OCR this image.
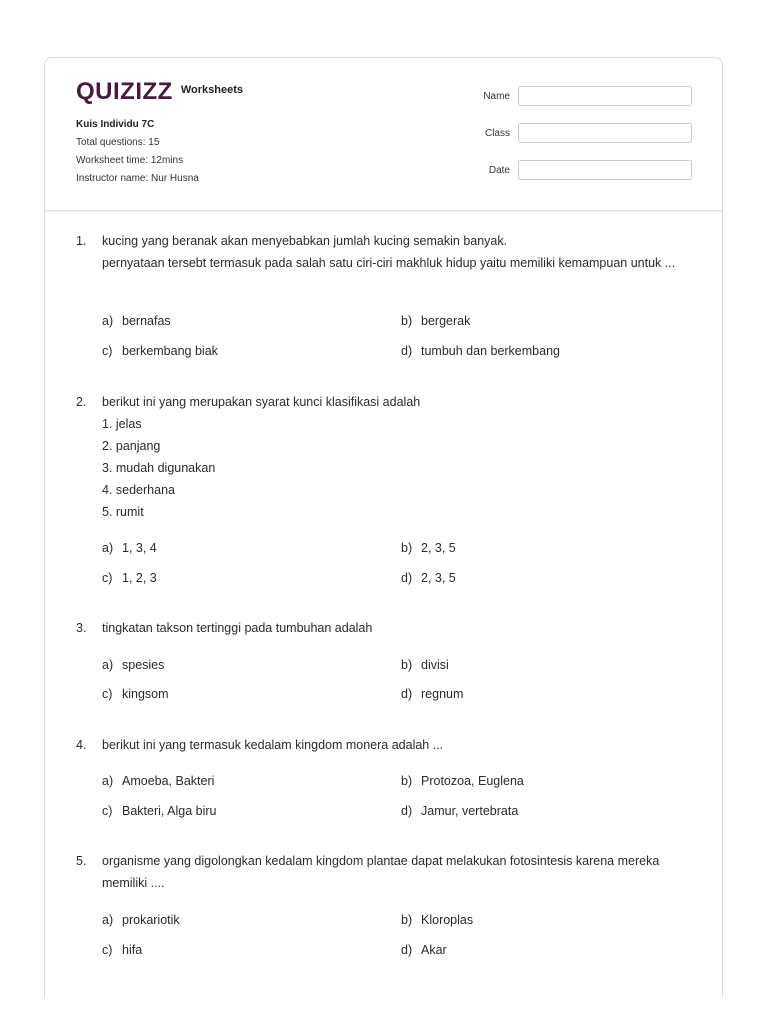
QUIZIZZ Worksheets
Kuis Individu 7C
Total questions: 15
Worksheet time: 12mins
Instructor name: Nur Husna
Name
Class
Date
1. kucing yang beranak akan menyebabkan jumlah kucing semakin banyak.
pernyataan tersebt termasuk pada salah satu ciri-ciri makhluk hidup yaitu memiliki kemampuan untuk ...
a) bernafas	b) bergerak
c) berkembang biak	d) tumbuh dan berkembang
2. berikut ini yang merupakan syarat kunci klasifikasi adalah
1. jelas
2. panjang
3. mudah digunakan
4. sederhana
5. rumit
a) 1, 3, 4	b) 2, 3, 5
c) 1, 2, 3	d) 2, 3, 5
3. tingkatan takson tertinggi pada tumbuhan adalah
a) spesies	b) divisi
c) kingsom	d) regnum
4. berikut ini yang termasuk kedalam kingdom monera adalah ...
a) Amoeba, Bakteri	b) Protozoa, Euglena
c) Bakteri, Alga biru	d) Jamur, vertebrata
5. organisme yang digolongkan kedalam kingdom plantae dapat melakukan fotosintesis karena mereka memiliki ....
a) prokariotik	b) Kloroplas
c) hifa	d) Akar
